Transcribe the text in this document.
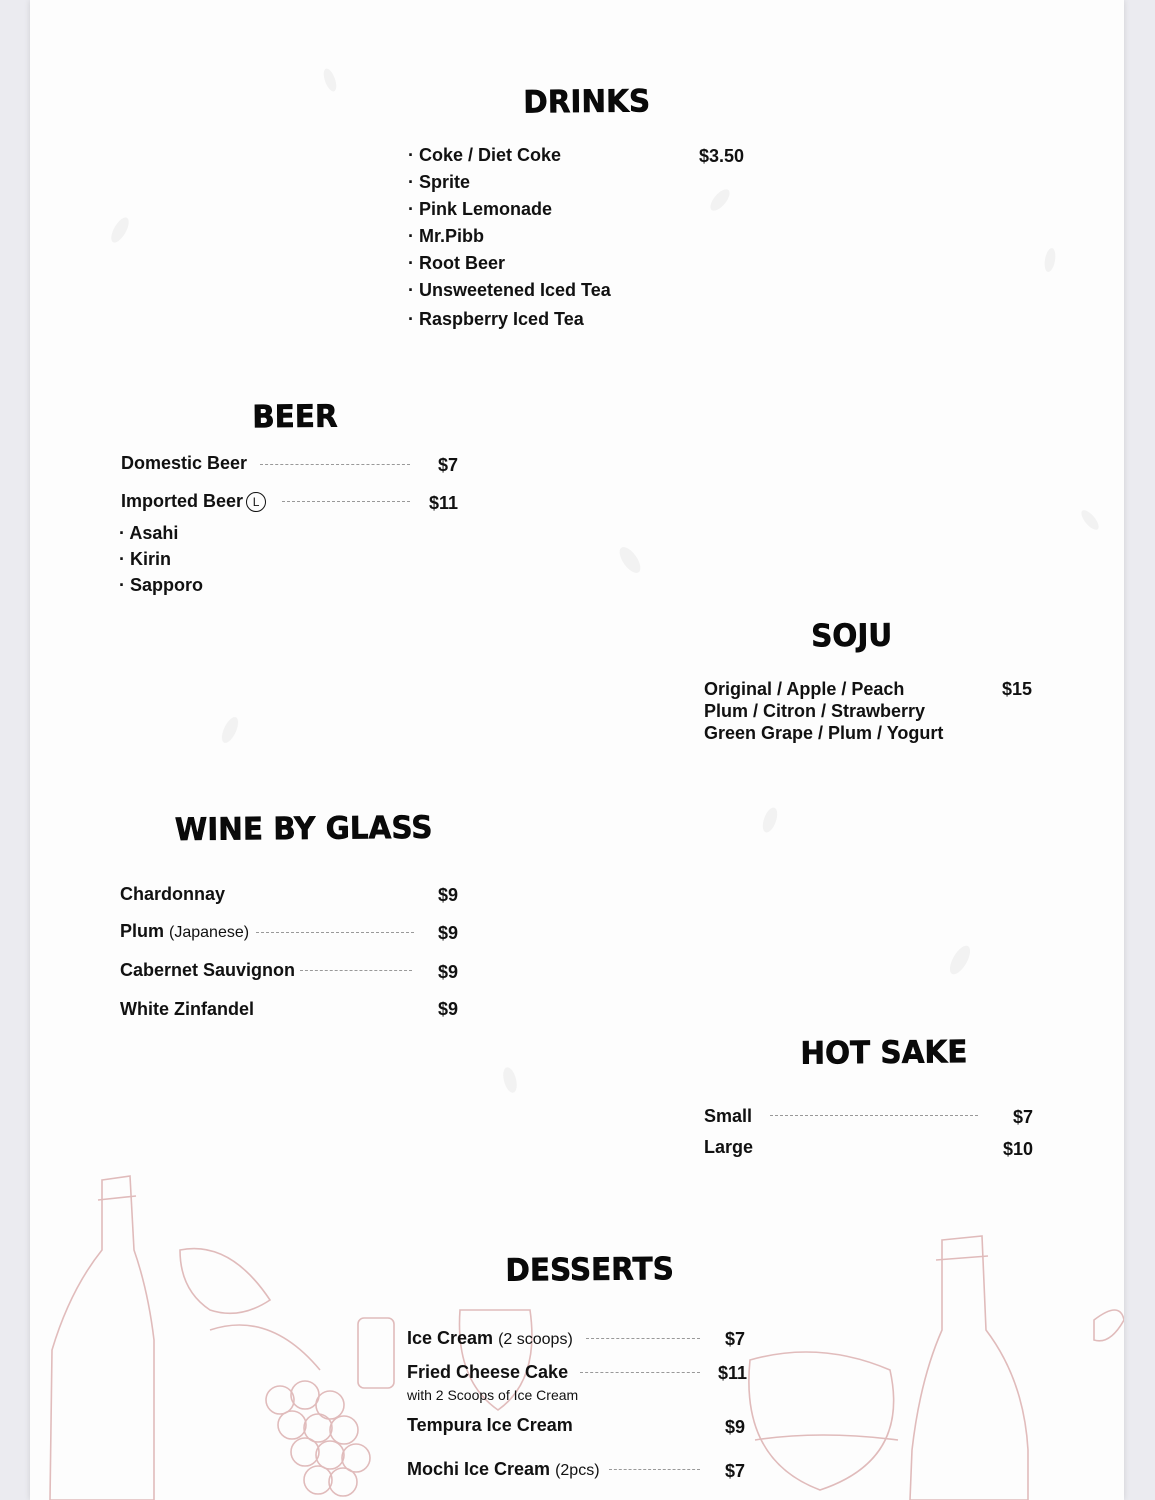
DRINKS
· Coke / Diet Coke
· Sprite
· Pink Lemonade
· Mr.Pibb
· Root Beer
· Unsweetened Iced Tea
· Raspberry Iced Tea
$3.50
BEER
Domestic Beer	$7
Imported Beer L	$11
· Asahi
· Kirin
· Sapporo
SOJU
Original / Apple / Peach
Plum / Citron / Strawberry
Green Grape / Plum / Yogurt
$15
WINE BY GLASS
Chardonnay	$9
Plum (Japanese)	$9
Cabernet Sauvignon	$9
White Zinfandel	$9
HOT SAKE
Small	$7
Large	$10
DESSERTS
Ice Cream (2 scoops)	$7
Fried Cheese Cake	$11
with 2 Scoops of Ice Cream
Tempura Ice Cream	$9
Mochi Ice Cream (2pcs)	$7
